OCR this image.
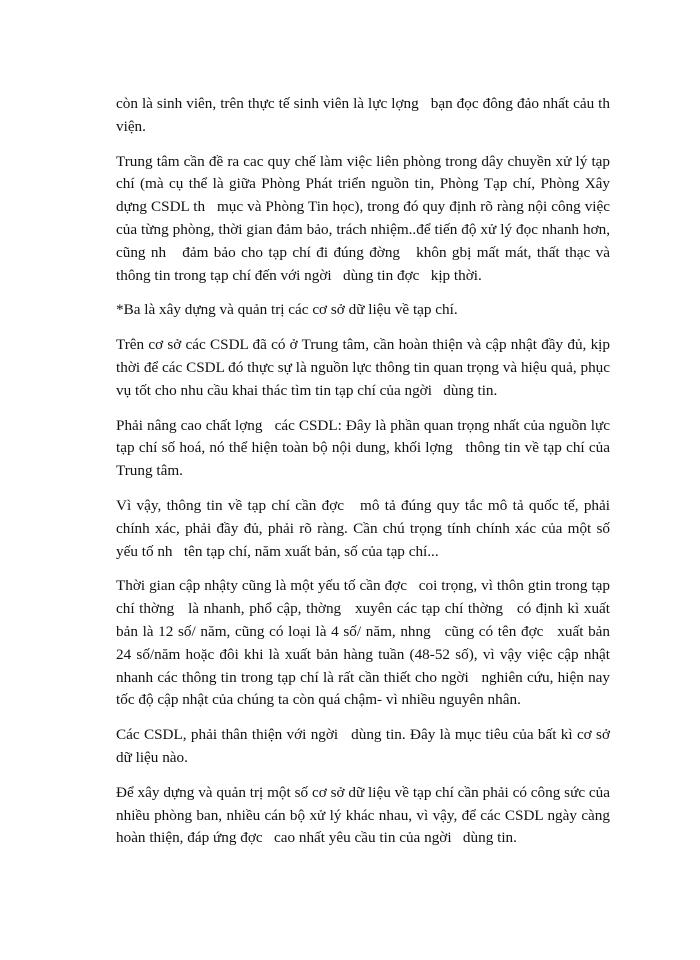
còn là sinh viên, trên thực tế sinh viên là lực lợng   bạn đọc đông đảo nhất cảu th   viện.

Trung tâm cần đề ra cac quy chế làm việc liên phòng trong dây chuyền xử lý tạp chí (mà cụ thể là giữa Phòng Phát triển nguồn tin, Phòng Tạp chí, Phòng Xây dựng CSDL th   mục và Phòng Tin học), trong đó quy định rõ ràng nội công việc của từng phòng, thời gian đảm bảo, trách nhiệm..để tiến độ xử lý đọc nhanh hơn, cũng nh   đảm bảo cho tạp chí đi đúng đờng   khôn gbị mất mát, thất thạc và thông tin trong tạp chí đến với ngời   dùng tin đợc   kịp thời.

*Ba là xây dựng và quản trị các cơ sở dữ liệu về tạp chí.

Trên cơ sở các CSDL đã có ở Trung tâm, cần hoàn thiện và cập nhật đầy đủ, kịp thời để các CSDL đó thực sự là nguồn lực thông tin quan trọng và hiệu quả, phục vụ tốt cho nhu cầu khai thác tìm tin tạp chí của ngời   dùng tin.

Phải nâng cao chất lợng   các CSDL: Đây là phần quan trọng nhất của nguồn lực tạp chí số hoá, nó thể hiện toàn bộ nội dung, khối lợng   thông tin về tạp chí của Trung tâm.

Vì vậy, thông tin về tạp chí cần đợc   mô tả đúng quy tắc mô tả quốc tế, phải chính xác, phải đầy đủ, phải rõ ràng. Cần chú trọng tính chính xác của một số yếu tố nh   tên tạp chí, năm xuất bản, số của tạp chí...

Thời gian cập nhậty cũng là một yếu tố cần đợc   coi trọng, vì thôn gtin trong tạp chí thờng   là nhanh, phổ cập, thờng   xuyên các tạp chí thờng   có định kì xuất bản là 12 số/ năm, cũng có loại là 4 số/ năm, nhng   cũng có tên đợc   xuất bản 24 số/năm hoặc đôi khi là xuất bản hàng tuần (48-52 số), vì vậy việc cập nhật nhanh các thông tin trong tạp chí là rất cần thiết cho ngời   nghiên cứu, hiện nay tốc độ cập nhật của chúng ta còn quá chậm- vì nhiều nguyên nhân.

Các CSDL, phải thân thiện với ngời   dùng tin. Đây là mục tiêu của bất kì cơ sở dữ liệu nào.

Để xây dựng và quản trị một số cơ sở dữ liệu về tạp chí cần phải có công sức của nhiều phòng ban, nhiều cán bộ xử lý khác nhau, vì vậy, để các CSDL ngày càng hoàn thiện, đáp ứng đợc   cao nhất yêu cầu tin của ngời   dùng tin.
